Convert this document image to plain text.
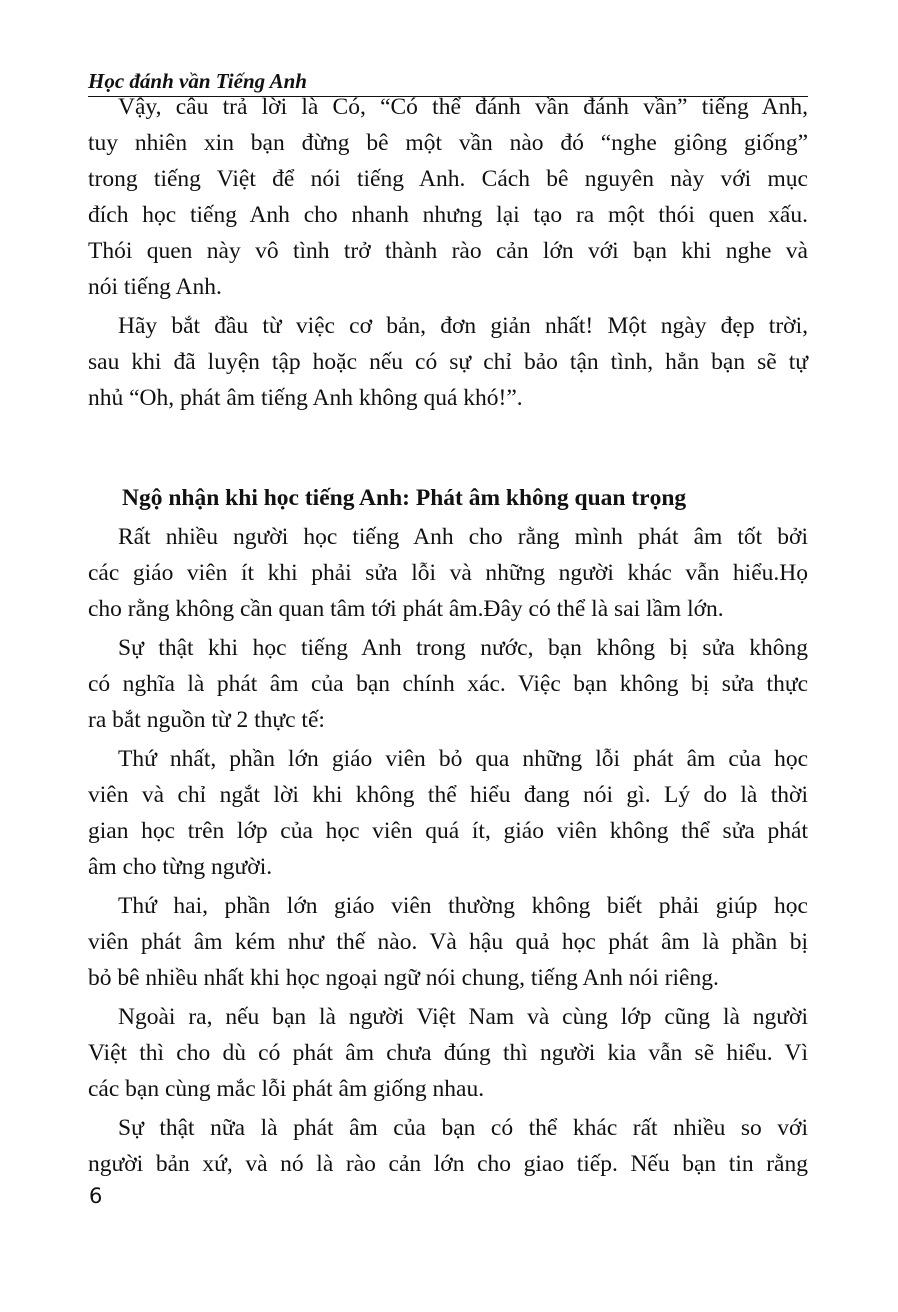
Học đánh vần Tiếng Anh
Vậy, câu trả lời là Có, “Có thể đánh vần đánh vần” tiếng Anh,
tuy nhiên xin bạn đừng bê một vần nào đó “nghe giông giống”
trong tiếng Việt để nói tiếng Anh. Cách bê nguyên này với mục
đích học tiếng Anh cho nhanh nhưng lại tạo ra một thói quen xấu.
Thói quen này vô tình trở thành rào cản lớn với bạn khi nghe và
nói tiếng Anh.
Hãy bắt đầu từ việc cơ bản, đơn giản nhất! Một ngày đẹp trời,
sau khi đã luyện tập hoặc nếu có sự chỉ bảo tận tình, hẳn bạn sẽ tự
nhủ “Oh, phát âm tiếng Anh không quá khó!”.
Ngộ nhận khi học tiếng Anh: Phát âm không quan trọng
Rất nhiều người học tiếng Anh cho rằng mình phát âm tốt bởi
các giáo viên ít khi phải sửa lỗi và những người khác vẫn hiểu.Họ
cho rằng không cần quan tâm tới phát âm.Đây có thể là sai lầm lớn.
Sự thật khi học tiếng Anh trong nước, bạn không bị sửa không
có nghĩa là phát âm của bạn chính xác. Việc bạn không bị sửa thực
ra bắt nguồn từ 2 thực tế:
Thứ nhất, phần lớn giáo viên bỏ qua những lỗi phát âm của học
viên và chỉ ngắt lời khi không thể hiểu đang nói gì. Lý do là thời
gian học trên lớp của học viên quá ít, giáo viên không thể sửa phát
âm cho từng người.
Thứ hai, phần lớn giáo viên thường không biết phải giúp học
viên phát âm kém như thế nào. Và hậu quả học phát âm là phần bị
bỏ bê nhiều nhất khi học ngoại ngữ nói chung, tiếng Anh nói riêng.
Ngoài ra, nếu bạn là người Việt Nam và cùng lớp cũng là người
Việt thì cho dù có phát âm chưa đúng thì người kia vẫn sẽ hiểu. Vì
các bạn cùng mắc lỗi phát âm giống nhau.
Sự thật nữa là phát âm của bạn có thể khác rất nhiều so với
người bản xứ, và nó là rào cản lớn cho giao tiếp. Nếu bạn tin rằng
6
